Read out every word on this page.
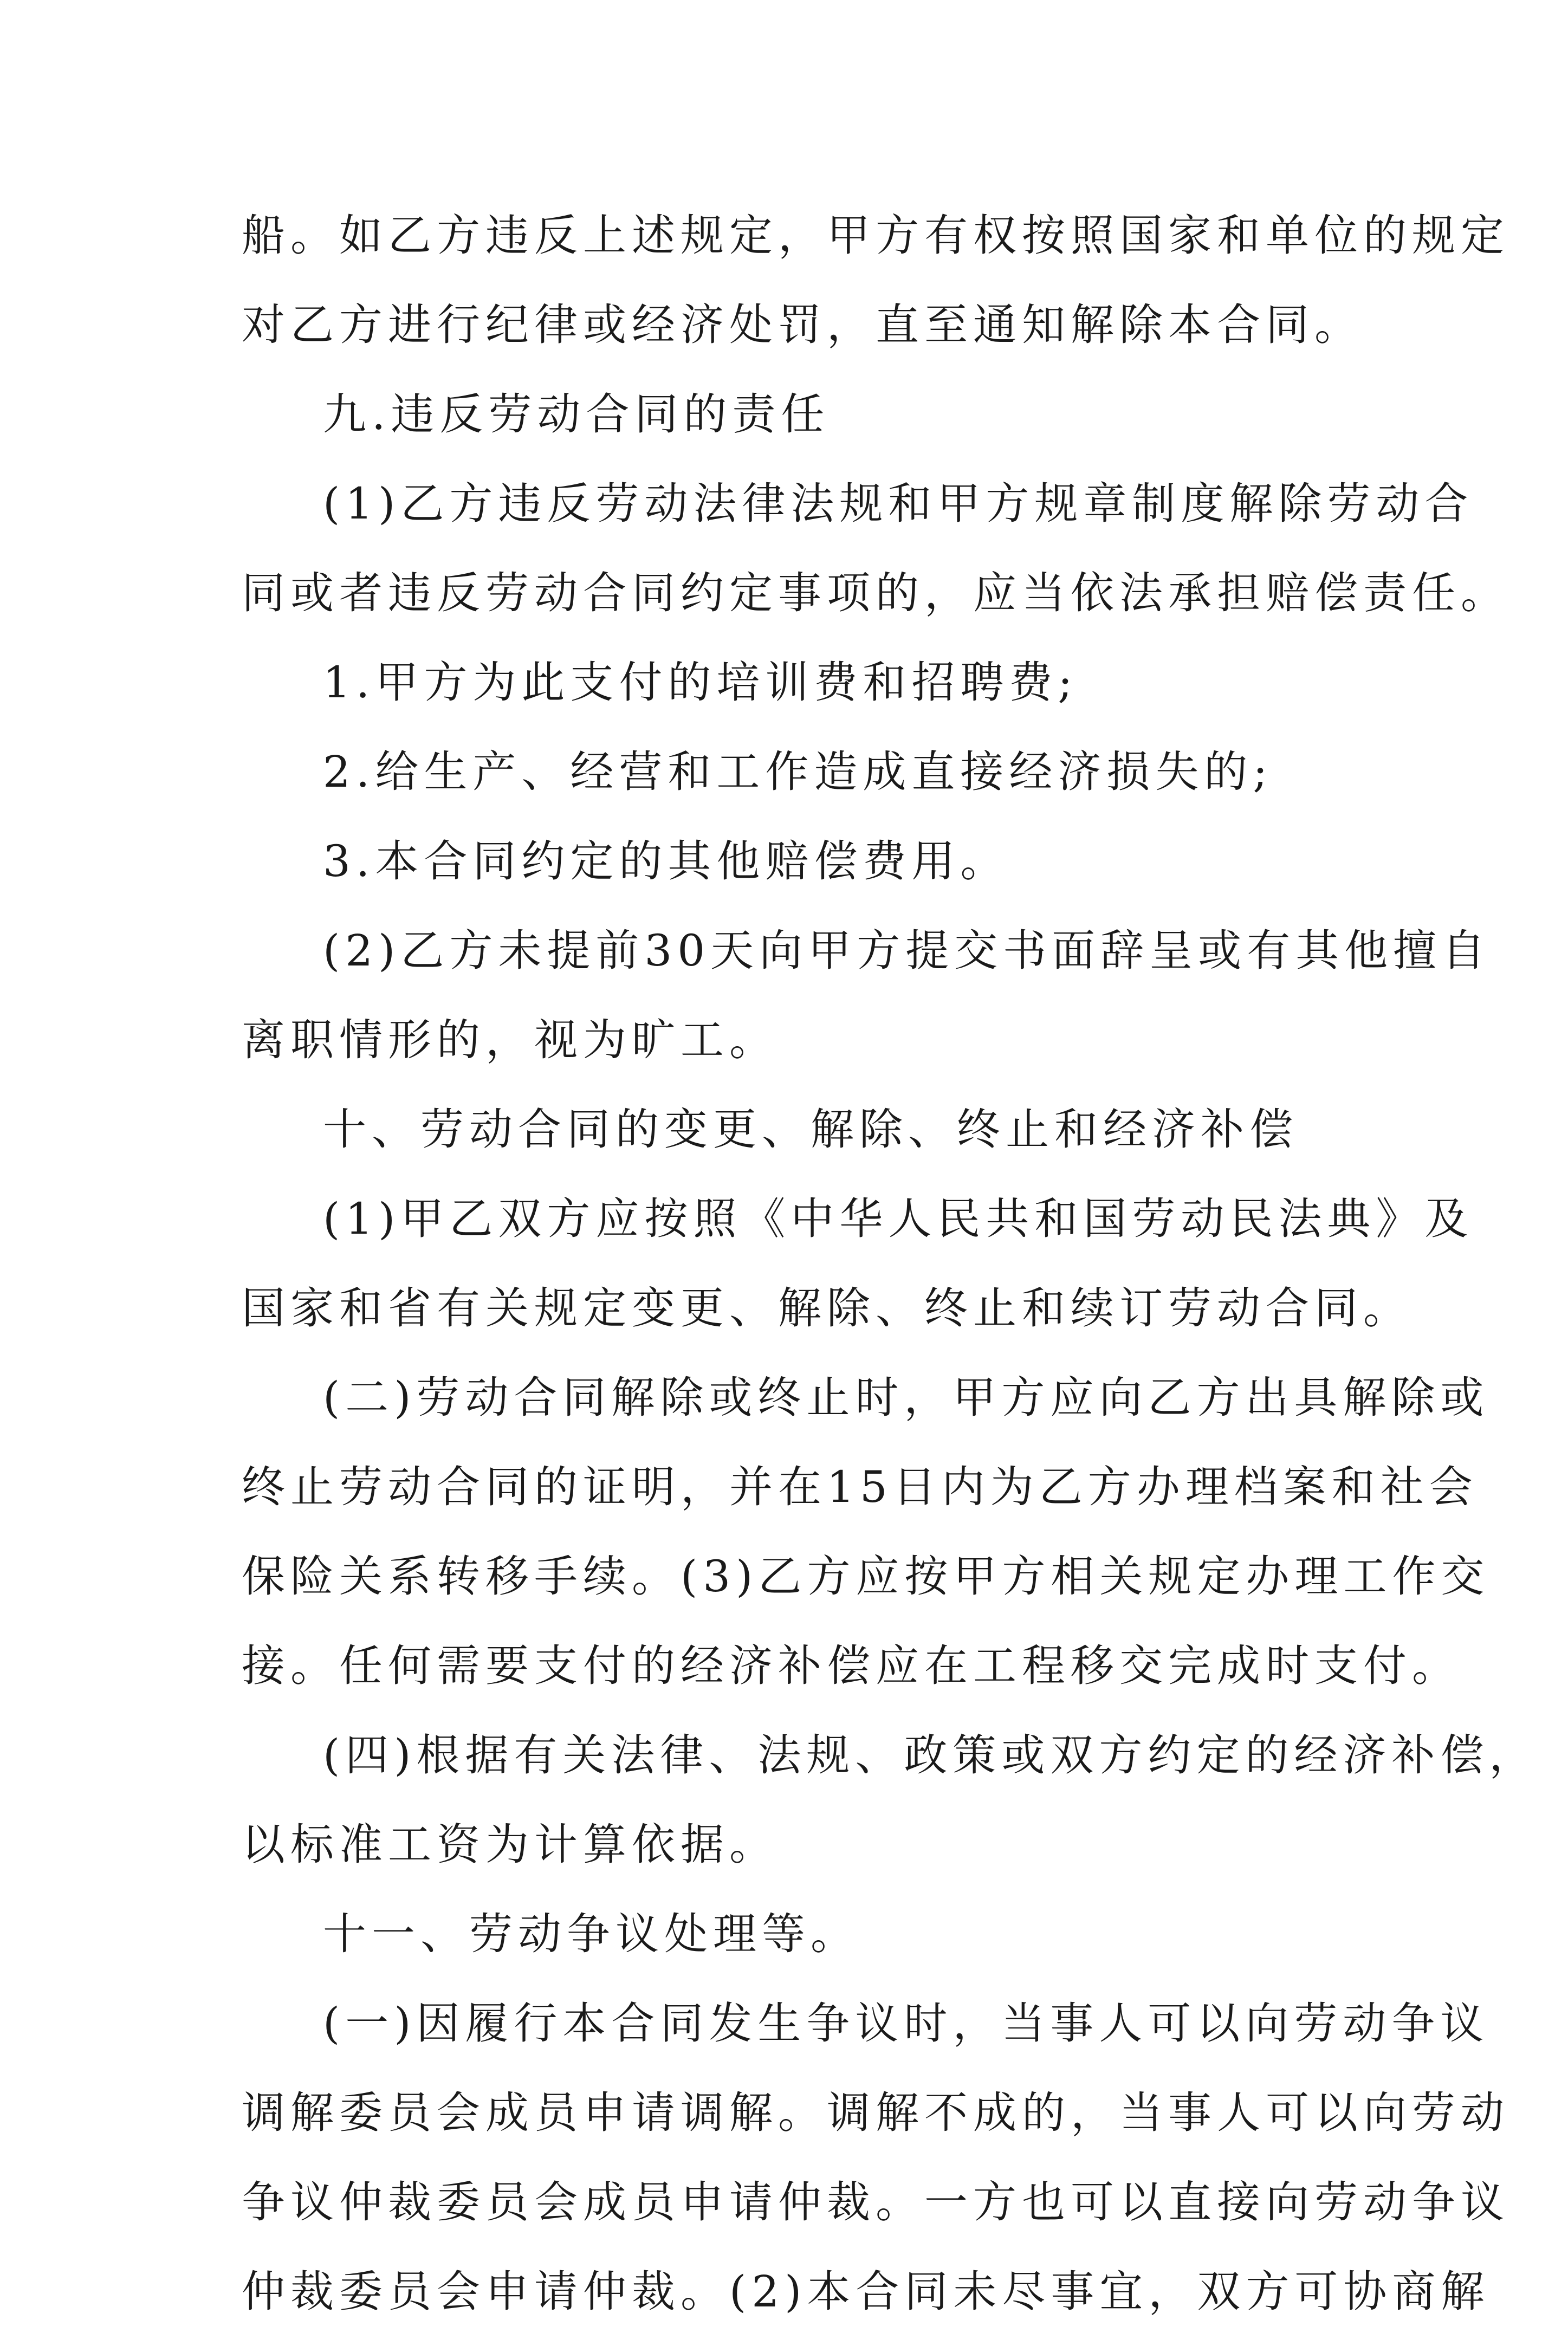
船。如乙方违反上述规定，甲方有权按照国家和单位的规定
对乙方进行纪律或经济处罚，直至通知解除本合同。
九.违反劳动合同的责任
(1)乙方违反劳动法律法规和甲方规章制度解除劳动合
同或者违反劳动合同约定事项的，应当依法承担赔偿责任。
1.甲方为此支付的培训费和招聘费;
2.给生产、经营和工作造成直接经济损失的;
3.本合同约定的其他赔偿费用。
(2)乙方未提前30天向甲方提交书面辞呈或有其他擅自
离职情形的，视为旷工。
十、劳动合同的变更、解除、终止和经济补偿
(1)甲乙双方应按照《中华人民共和国劳动民法典》及
国家和省有关规定变更、解除、终止和续订劳动合同。
(二)劳动合同解除或终止时，甲方应向乙方出具解除或
终止劳动合同的证明，并在15日内为乙方办理档案和社会
保险关系转移手续。(3)乙方应按甲方相关规定办理工作交
接。任何需要支付的经济补偿应在工程移交完成时支付。
(四)根据有关法律、法规、政策或双方约定的经济补偿，
以标准工资为计算依据。
十一、劳动争议处理等。
(一)因履行本合同发生争议时，当事人可以向劳动争议
调解委员会成员申请调解。调解不成的，当事人可以向劳动
争议仲裁委员会成员申请仲裁。一方也可以直接向劳动争议
仲裁委员会申请仲裁。(2)本合同未尽事宜，双方可协商解
